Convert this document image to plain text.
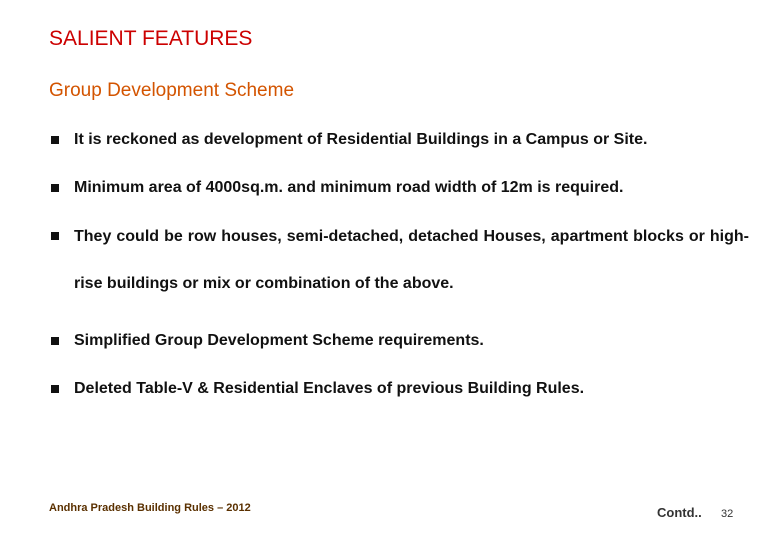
SALIENT FEATURES
Group Development Scheme
It is reckoned as development of Residential Buildings in a Campus or Site.
Minimum area of 4000sq.m. and minimum road width of 12m is required.
They could be row houses, semi-detached, detached Houses, apartment blocks or high-rise buildings or mix or combination of the above.
Simplified Group Development Scheme requirements.
Deleted Table-V & Residential Enclaves of previous Building Rules.
Andhra Pradesh Building Rules – 2012	Contd.. 32
